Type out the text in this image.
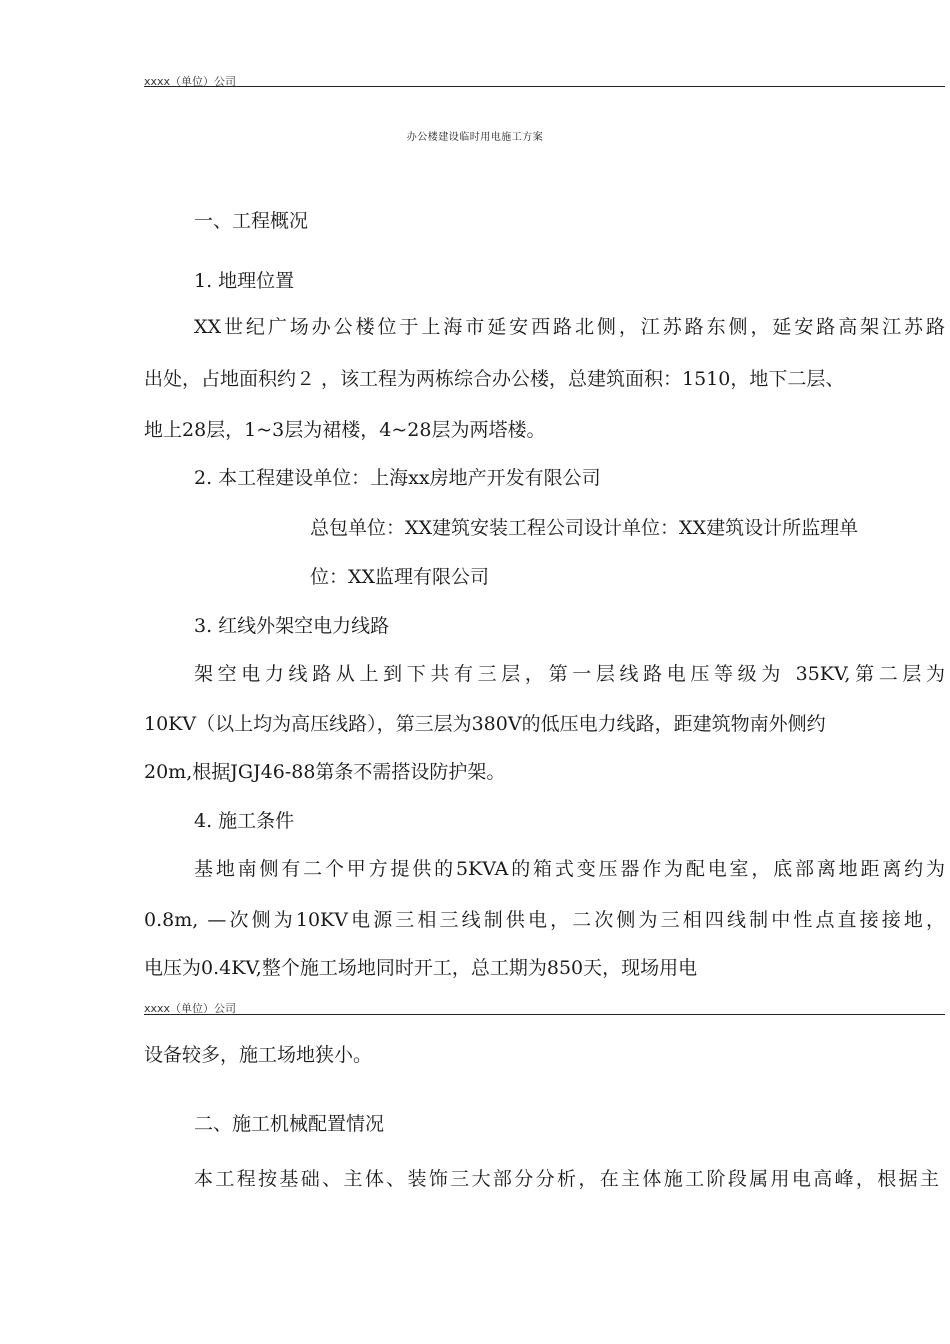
xxxx（单位）公司
办公楼建设临时用电施工方案
一、工程概况
1. 地理位置
XX世纪广场办公楼位于上海市延安西路北侧，江苏路东侧，延安路高架江苏路
出处，占地面积约２ ，该工程为两栋综合办公楼，总建筑面积：1510，地下二层、
地上28层，1~3层为裙楼，4~28层为两塔楼。
2. 本工程建设单位：上海xx房地产开发有限公司
总包单位：XX建筑安装工程公司设计单位：XX建筑设计所监理单
位：XX监理有限公司
3. 红线外架空电力线路
架空电力线路从上到下共有三层，第一层线路电压等级为 35KV,第二层为
10KV（以上均为高压线路），第三层为380V的低压电力线路，距建筑物南外侧约
20m,根据JGJ46-88第条不需搭设防护架。
4. 施工条件
基地南侧有二个甲方提供的5KVA的箱式变压器作为配电室，底部离地距离约为
0.8m, —次侧为10KV电源三相三线制供电，二次侧为三相四线制中性点直接接地，
电压为0.4KV,整个施工场地同时开工，总工期为850天，现场用电
xxxx（单位）公司
设备较多，施工场地狭小。
二、施工机械配置情况
本工程按基础、主体、装饰三大部分分析，在主体施工阶段属用电高峰，根据主
